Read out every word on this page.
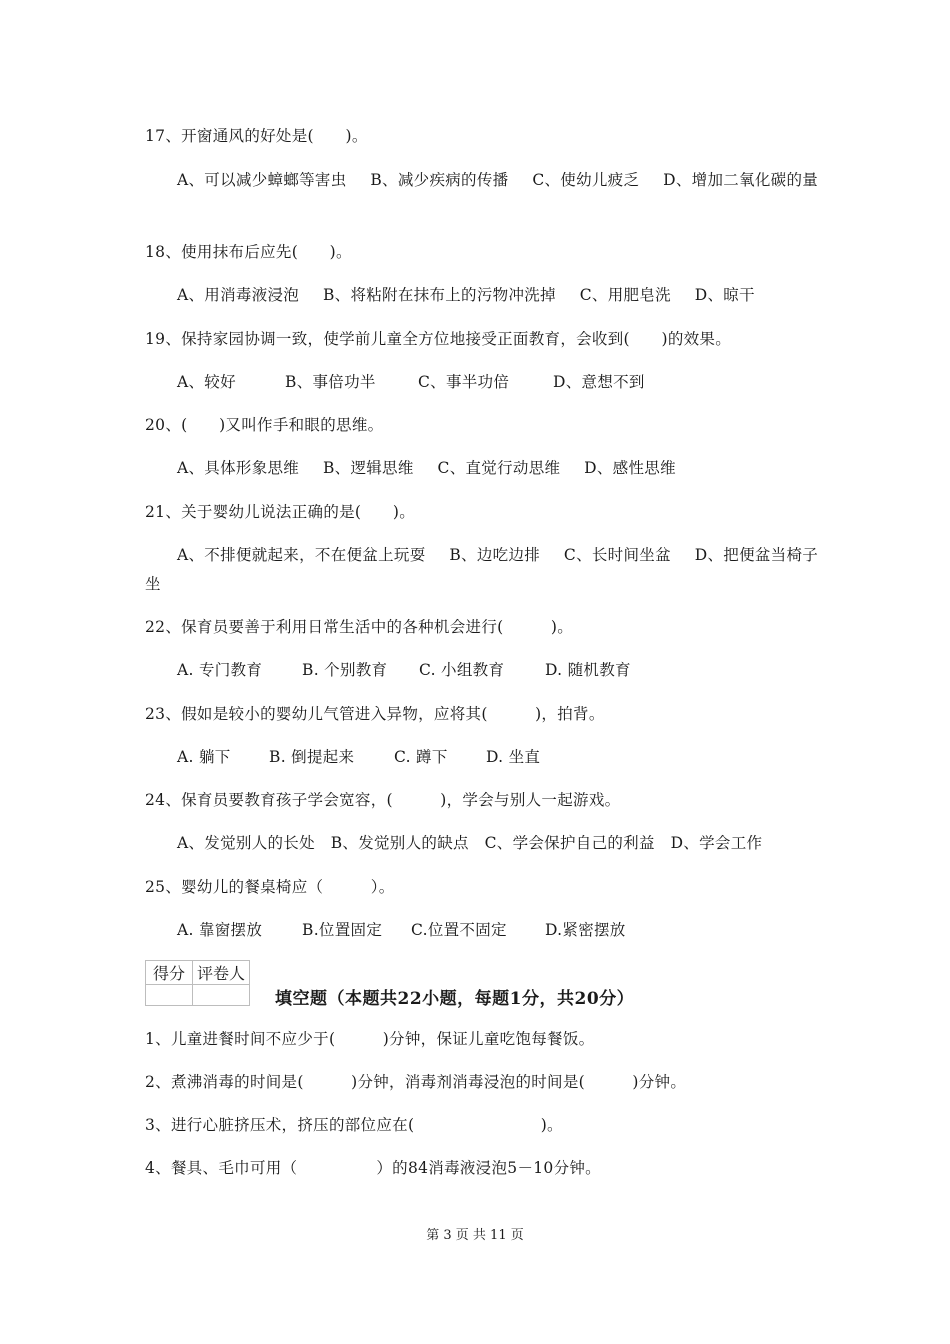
17、开窗通风的好处是(　　)。
A、可以减少蟑螂等害虫   B、减少疾病的传播   C、使幼儿疲乏   D、增加二氧化碳的量
18、使用抹布后应先(　　)。
A、用消毒液浸泡   B、将粘附在抹布上的污物冲洗掉   C、用肥皂洗   D、晾干
19、保持家园协调一致，使学前儿童全方位地接受正面教育，会收到(　　)的效果。
A、较好	B、事倍功半	C、事半功倍	D、意想不到
20、(　　)又叫作手和眼的思维。
A、具体形象思维   B、逻辑思维   C、直觉行动思维   D、感性思维
21、关于婴幼儿说法正确的是(　　)。
A、不排便就起来，不在便盆上玩耍   B、边吃边排   C、长时间坐盆   D、把便盆当椅子坐
22、保育员要善于利用日常生活中的各种机会进行(　　　)。
A. 专门教育	B. 个别教育 C. 小组教育	D. 随机教育
23、假如是较小的婴幼儿气管进入异物，应将其(　　　)，拍背。
A. 躺下 B. 倒提起来	C. 蹲下 D. 坐直
24、保育员要教育孩子学会宽容，(　　　)，学会与别人一起游戏。
A、发觉别人的长处  B、发觉别人的缺点  C、学会保护自己的利益  D、学会工作
25、婴幼儿的餐桌椅应（　　　）。
A. 靠窗摆放	B.位置固定 C.位置不固定 D.紧密摆放
得分	评卷人

填空题（本题共22小题，每题1分，共20分）
1、儿童进餐时间不应少于(　　　)分钟，保证儿童吃饱每餐饭。
2、煮沸消毒的时间是(　　　)分钟，消毒剂消毒浸泡的时间是(　　　)分钟。
3、进行心脏挤压术，挤压的部位应在(　　　　　　　　)。
4、餐具、毛巾可用（　　　　　）的84消毒液浸泡5－10分钟。
第 3 页 共 11 页
